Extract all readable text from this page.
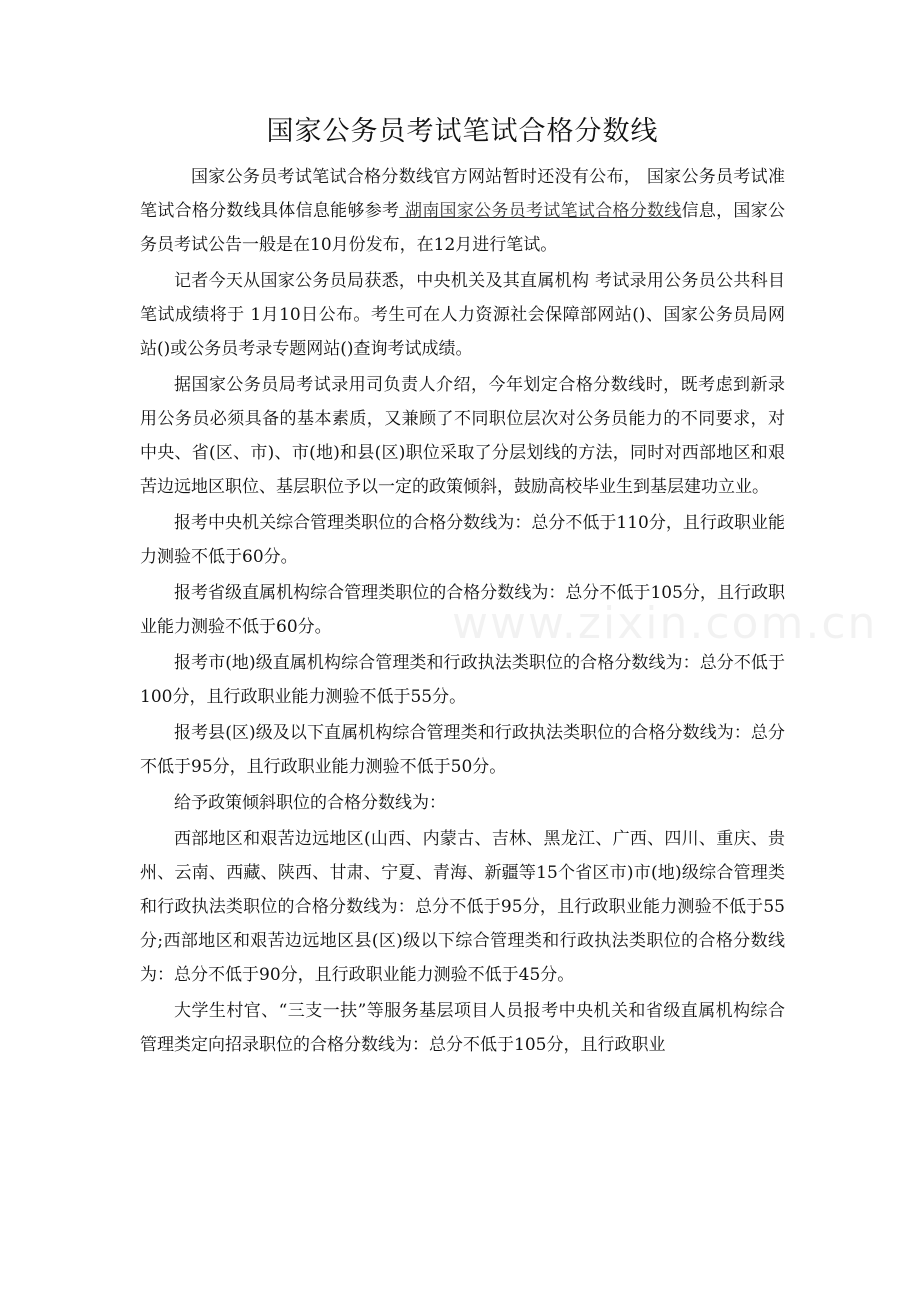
www.zixin.com.cn
国家公务员考试笔试合格分数线

国家公务员考试笔试合格分数线官方网站暂时还没有公布， 国家公务员考试准笔试合格分数线具体信息能够参考 湖南国家公务员考试笔试合格分数线信息，国家公务员考试公告一般是在10月份发布，在12月进行笔试。

记者今天从国家公务员局获悉，中央机关及其直属机构 考试录用公务员公共科目笔试成绩将于 1月10日公布。考生可在人力资源社会保障部网站()、国家公务员局网站()或公务员考录专题网站()查询考试成绩。

据国家公务员局考试录用司负责人介绍，今年划定合格分数线时，既考虑到新录用公务员必须具备的基本素质，又兼顾了不同职位层次对公务员能力的不同要求，对中央、省(区、市)、市(地)和县(区)职位采取了分层划线的方法，同时对西部地区和艰苦边远地区职位、基层职位予以一定的政策倾斜，鼓励高校毕业生到基层建功立业。

报考中央机关综合管理类职位的合格分数线为：总分不低于110分，且行政职业能力测验不低于60分。

报考省级直属机构综合管理类职位的合格分数线为：总分不低于105分，且行政职业能力测验不低于60分。

报考市(地)级直属机构综合管理类和行政执法类职位的合格分数线为：总分不低于100分，且行政职业能力测验不低于55分。

报考县(区)级及以下直属机构综合管理类和行政执法类职位的合格分数线为：总分不低于95分，且行政职业能力测验不低于50分。

给予政策倾斜职位的合格分数线为：

西部地区和艰苦边远地区(山西、内蒙古、吉林、黑龙江、广西、四川、重庆、贵州、云南、西藏、陕西、甘肃、宁夏、青海、新疆等15个省区市)市(地)级综合管理类和行政执法类职位的合格分数线为：总分不低于95分，且行政职业能力测验不低于55分;西部地区和艰苦边远地区县(区)级以下综合管理类和行政执法类职位的合格分数线为：总分不低于90分，且行政职业能力测验不低于45分。

大学生村官、“三支一扶”等服务基层项目人员报考中央机关和省级直属机构综合管理类定向招录职位的合格分数线为：总分不低于105分，且行政职业
